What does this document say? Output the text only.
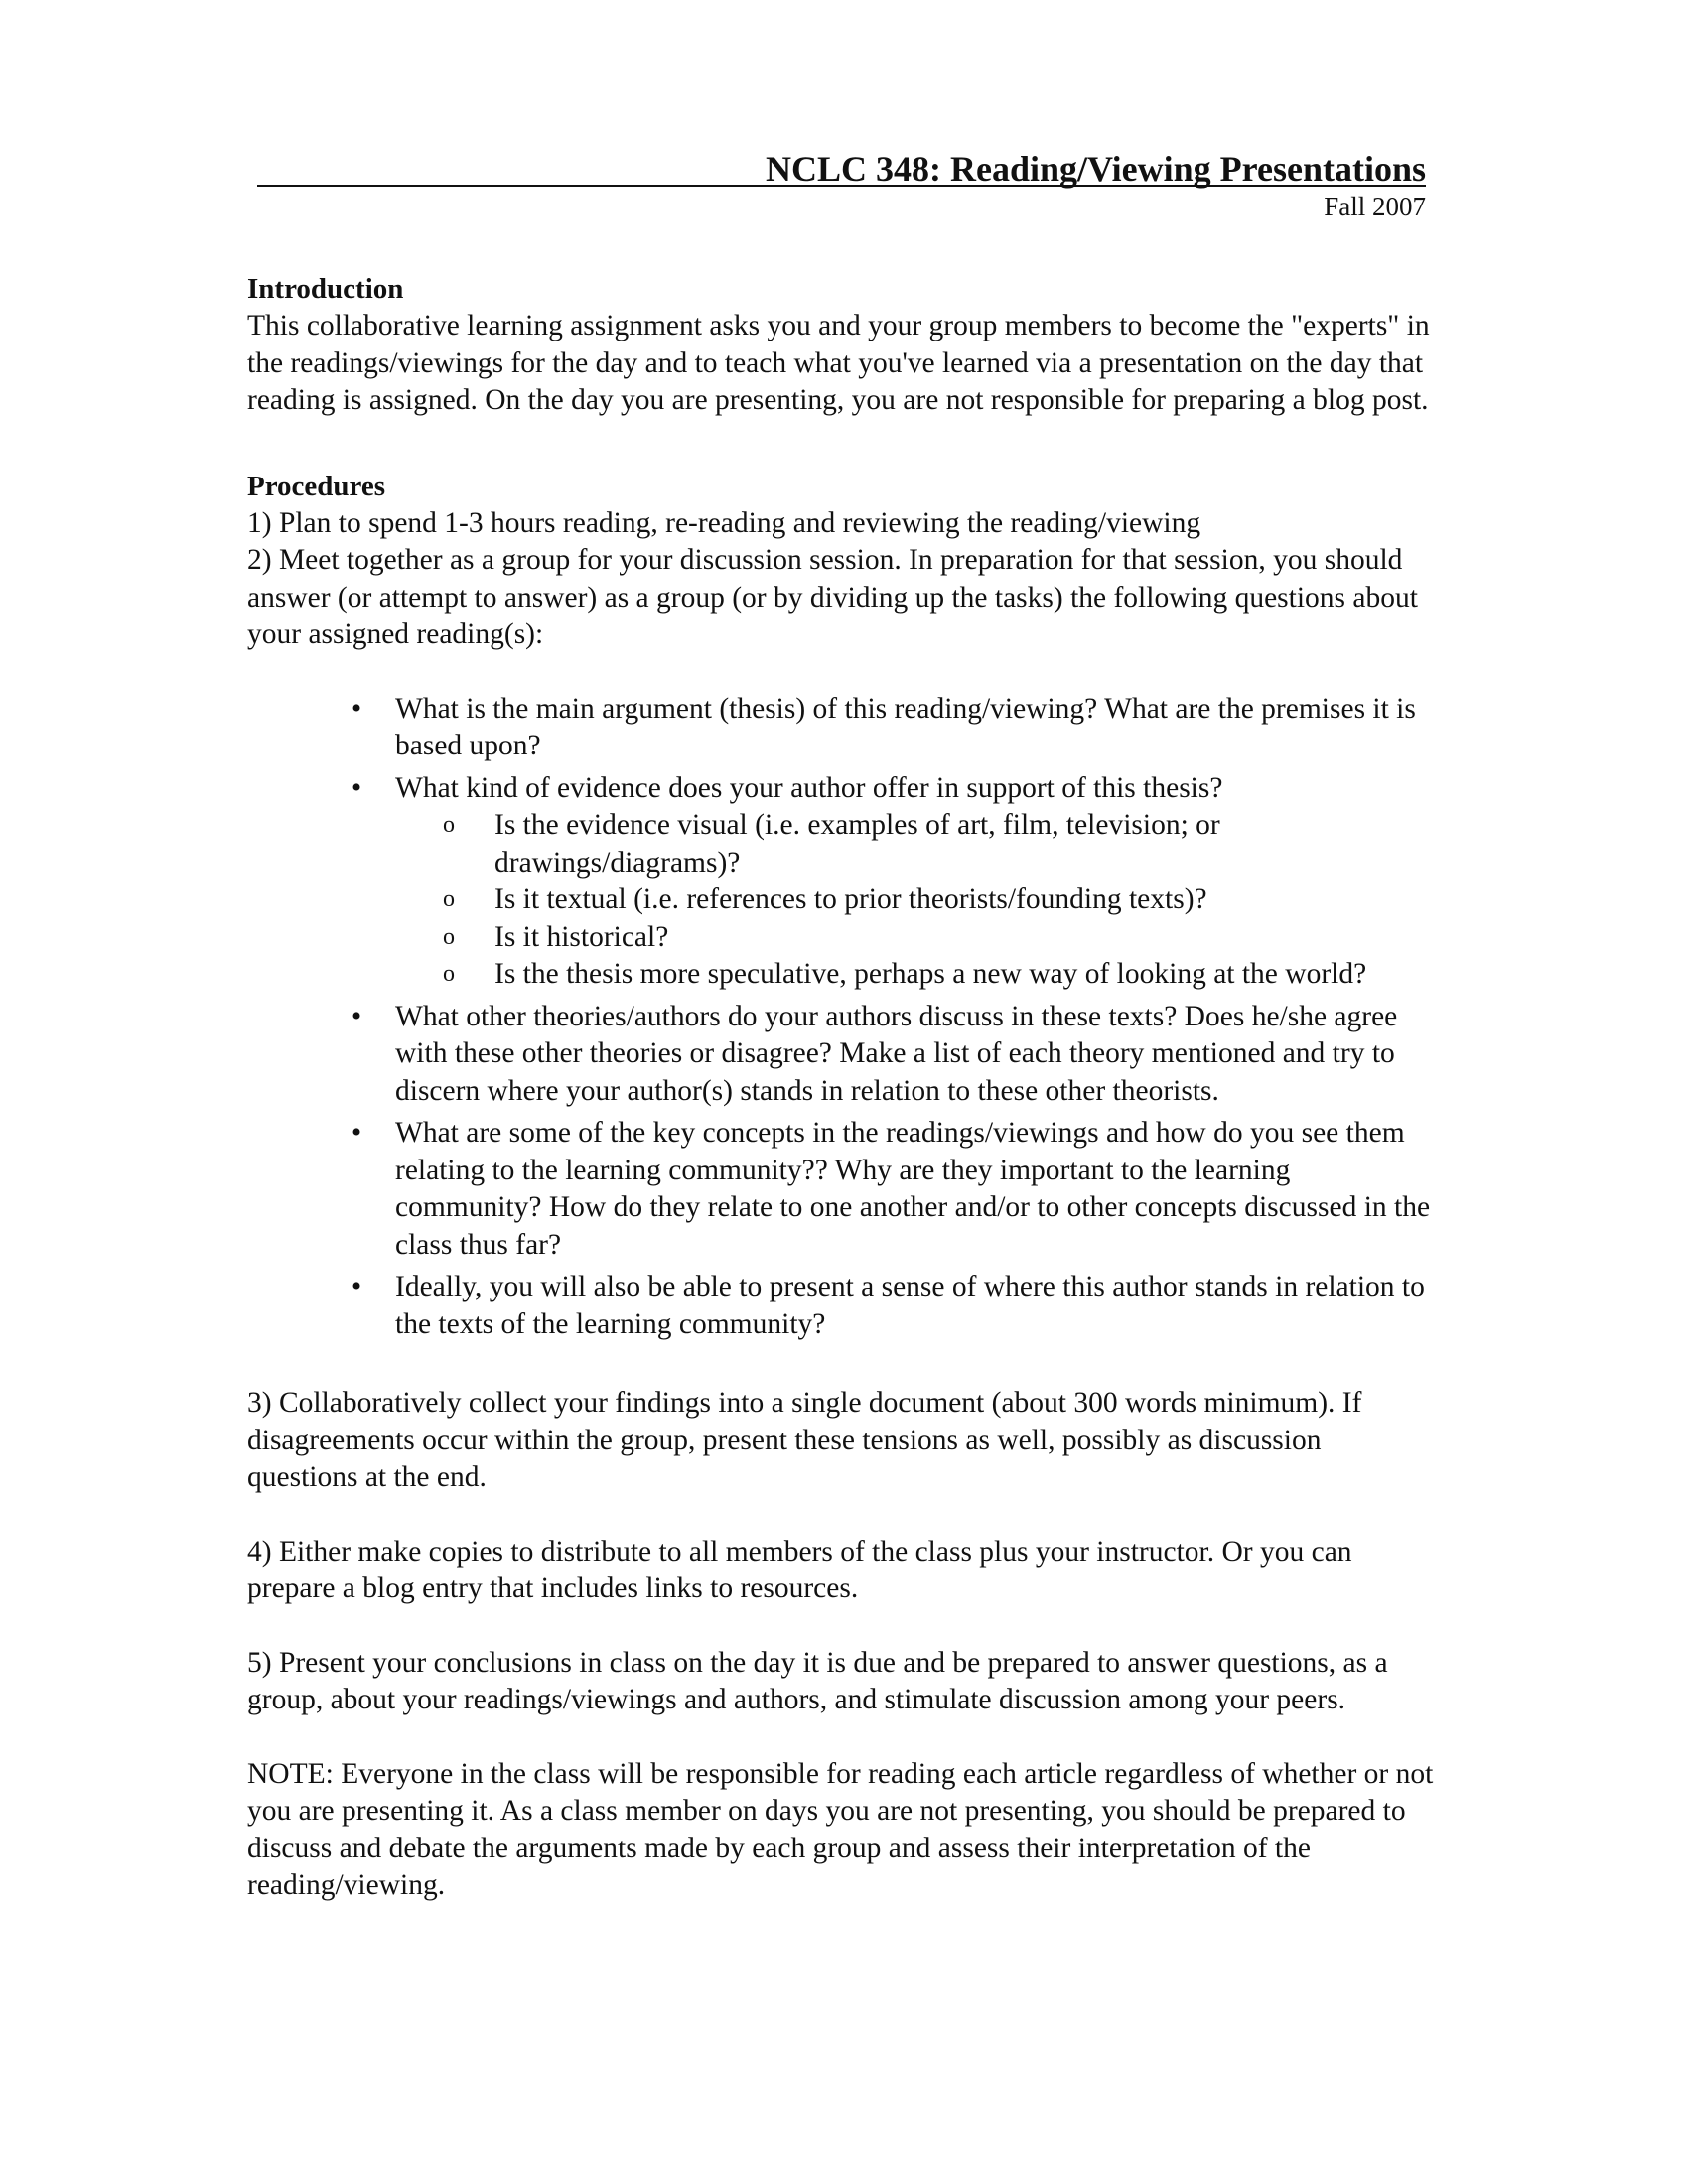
NCLC 348: Reading/Viewing Presentations
Fall 2007
Introduction

This collaborative learning assignment asks you and your group members to become the "experts" in the readings/viewings for the day and to teach what you've learned via a presentation on the day that reading is assigned. On the day you are presenting, you are not responsible for preparing a blog post.

Procedures

1) Plan to spend 1-3 hours reading, re-reading and reviewing the reading/viewing

2) Meet together as a group for your discussion session. In preparation for that session, you should answer (or attempt to answer) as a group (or by dividing up the tasks) the following questions about your assigned reading(s):

• What is the main argument (thesis) of this reading/viewing? What are the premises it is based upon?
• What kind of evidence does your author offer in support of this thesis?
o Is the evidence visual (i.e. examples of art, film, television; or drawings/diagrams)?
o Is it textual (i.e. references to prior theorists/founding texts)?
o Is it historical?
o Is the thesis more speculative, perhaps a new way of looking at the world?
• What other theories/authors do your authors discuss in these texts? Does he/she agree with these other theories or disagree? Make a list of each theory mentioned and try to discern where your author(s) stands in relation to these other theorists.
• What are some of the key concepts in the readings/viewings and how do you see them relating to the learning community?? Why are they important to the learning community? How do they relate to one another and/or to other concepts discussed in the class thus far?
• Ideally, you will also be able to present a sense of where this author stands in relation to the texts of the learning community?

3) Collaboratively collect your findings into a single document (about 300 words minimum). If disagreements occur within the group, present these tensions as well, possibly as discussion questions at the end.

4) Either make copies to distribute to all members of the class plus your instructor. Or you can prepare a blog entry that includes links to resources.

5) Present your conclusions in class on the day it is due and be prepared to answer questions, as a group, about your readings/viewings and authors, and stimulate discussion among your peers.

NOTE: Everyone in the class will be responsible for reading each article regardless of whether or not you are presenting it. As a class member on days you are not presenting, you should be prepared to discuss and debate the arguments made by each group and assess their interpretation of the reading/viewing.
